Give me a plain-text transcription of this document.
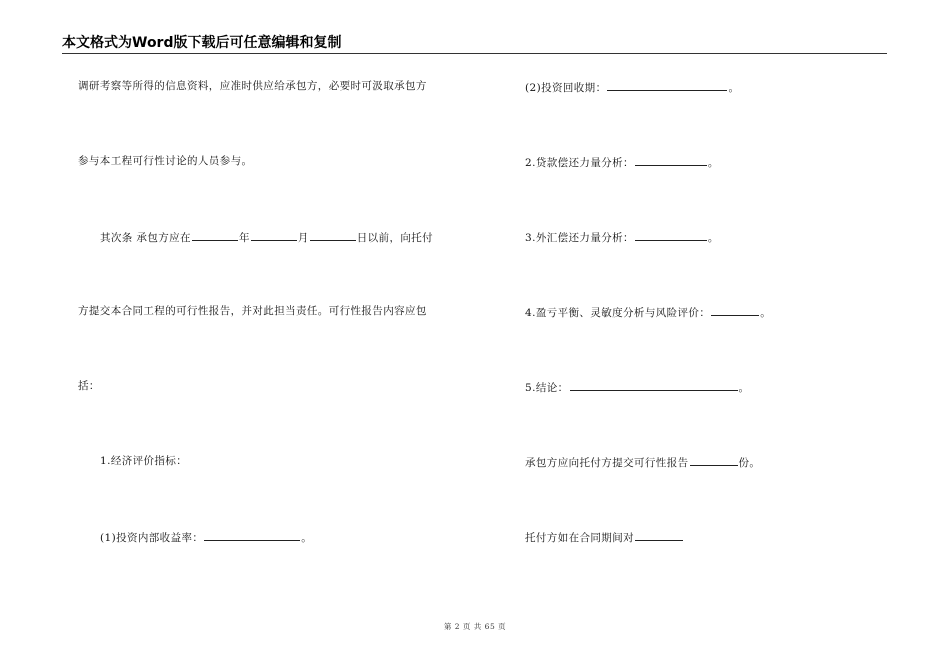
本文格式为Word版下载后可任意编辑和复制
调研考察等所得的信息资料，应准时供应给承包方，必要时可汲取承包方
参与本工程可行性讨论的人员参与。
其次条 承包方应在	年	月	日以前，向托付
方提交本合同工程的可行性报告，并对此担当责任。可行性报告内容应包
括：
1.经济评价指标：
(1)投资内部收益率：	。
(2)投资回收期：	。
2.贷款偿还力量分析：	。
3.外汇偿还力量分析：	。
4.盈亏平衡、灵敏度分析与风险评价：	。
5.结论：	。
承包方应向托付方提交可行性报告	份。
托付方如在合同期间对
第 2 页 共 65 页
